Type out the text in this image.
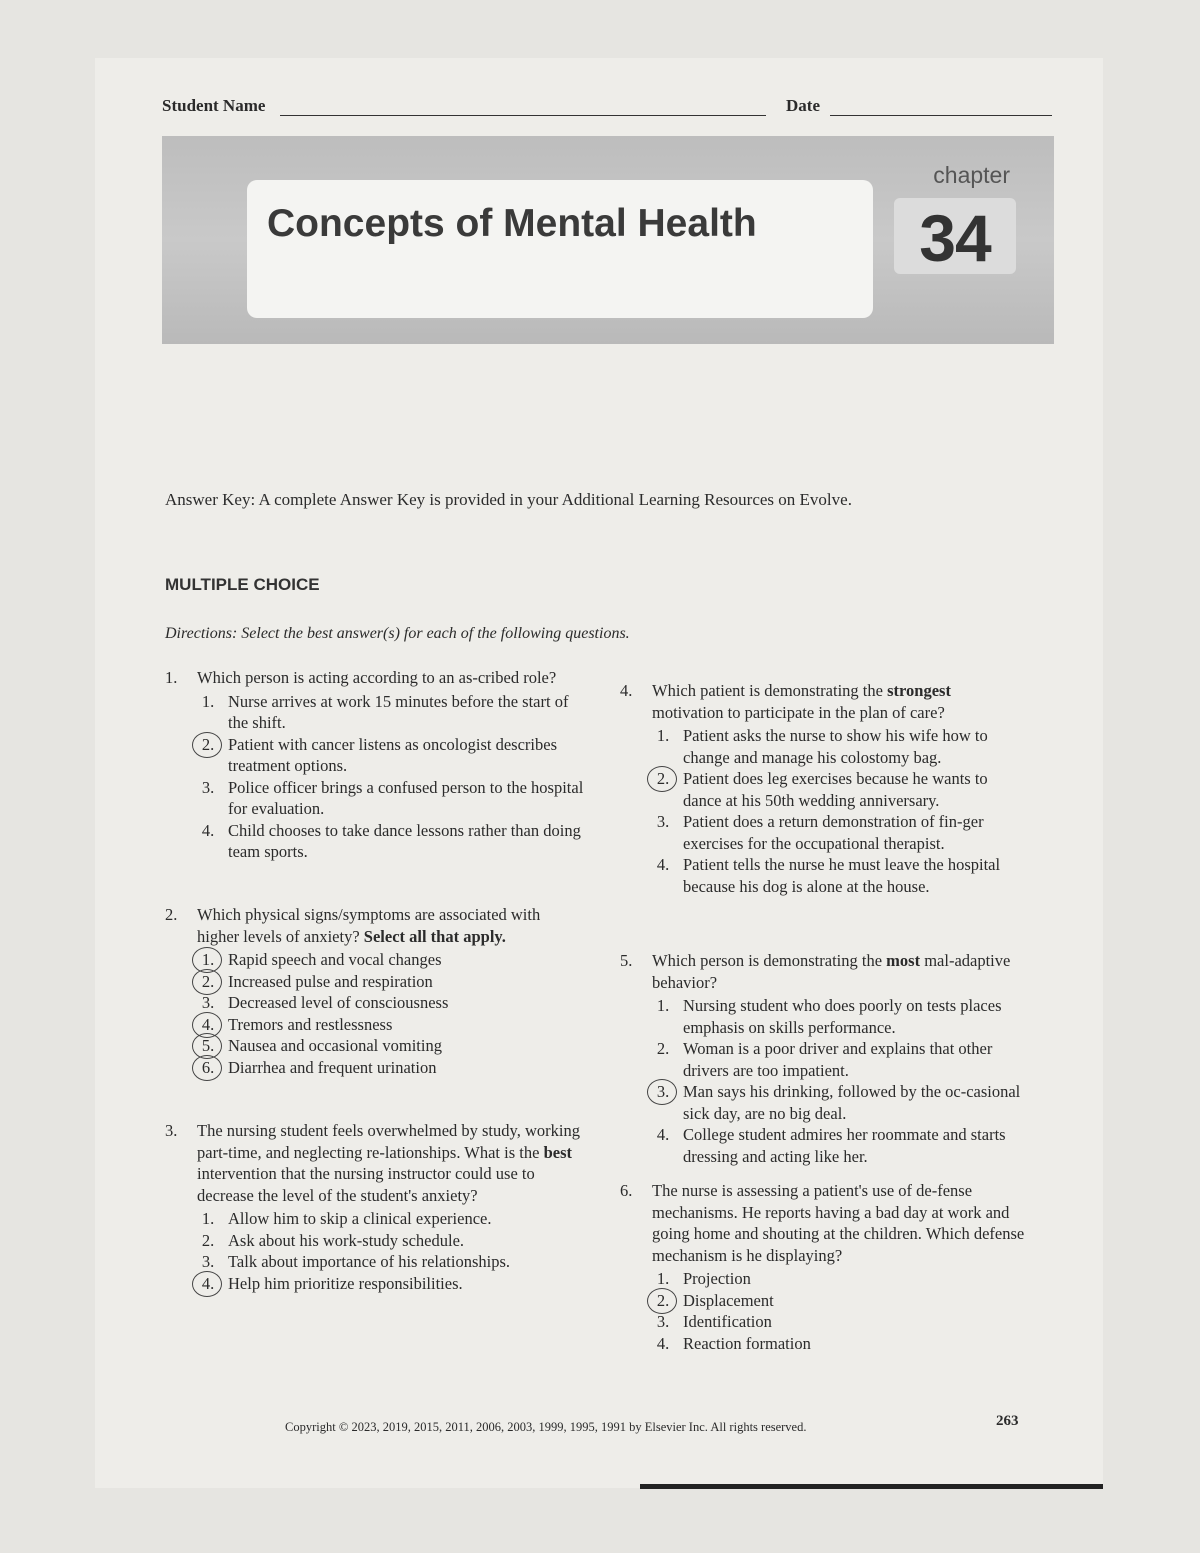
Student Name	Date
Concepts of Mental Health
chapter
34
Answer Key: A complete Answer Key is provided in your Additional Learning Resources on Evolve.
MULTIPLE CHOICE
Directions: Select the best answer(s) for each of the following questions.
1. Which person is acting according to an as-cribed role?
1. Nurse arrives at work 15 minutes before the start of the shift.
2. Patient with cancer listens as oncologist describes treatment options.
3. Police officer brings a confused person to the hospital for evaluation.
4. Child chooses to take dance lessons rather than doing team sports.
2. Which physical signs/symptoms are associated with higher levels of anxiety? Select all that apply.
1. Rapid speech and vocal changes
2. Increased pulse and respiration
3. Decreased level of consciousness
4. Tremors and restlessness
5. Nausea and occasional vomiting
6. Diarrhea and frequent urination
3. The nursing student feels overwhelmed by study, working part-time, and neglecting re-lationships. What is the best intervention that the nursing instructor could use to decrease the level of the student's anxiety?
1. Allow him to skip a clinical experience.
2. Ask about his work-study schedule.
3. Talk about importance of his relationships.
4. Help him prioritize responsibilities.
4. Which patient is demonstrating the strongest motivation to participate in the plan of care?
1. Patient asks the nurse to show his wife how to change and manage his colostomy bag.
2. Patient does leg exercises because he wants to dance at his 50th wedding anniversary.
3. Patient does a return demonstration of fin-ger exercises for the occupational therapist.
4. Patient tells the nurse he must leave the hospital because his dog is alone at the house.
5. Which person is demonstrating the most mal-adaptive behavior?
1. Nursing student who does poorly on tests places emphasis on skills performance.
2. Woman is a poor driver and explains that other drivers are too impatient.
3. Man says his drinking, followed by the oc-casional sick day, are no big deal.
4. College student admires her roommate and starts dressing and acting like her.
6. The nurse is assessing a patient's use of de-fense mechanisms. He reports having a bad day at work and going home and shouting at the children. Which defense mechanism is he displaying?
1. Projection
2. Displacement
3. Identification
4. Reaction formation
Copyright © 2023, 2019, 2015, 2011, 2006, 2003, 1999, 1995, 1991 by Elsevier Inc. All rights reserved.	263
